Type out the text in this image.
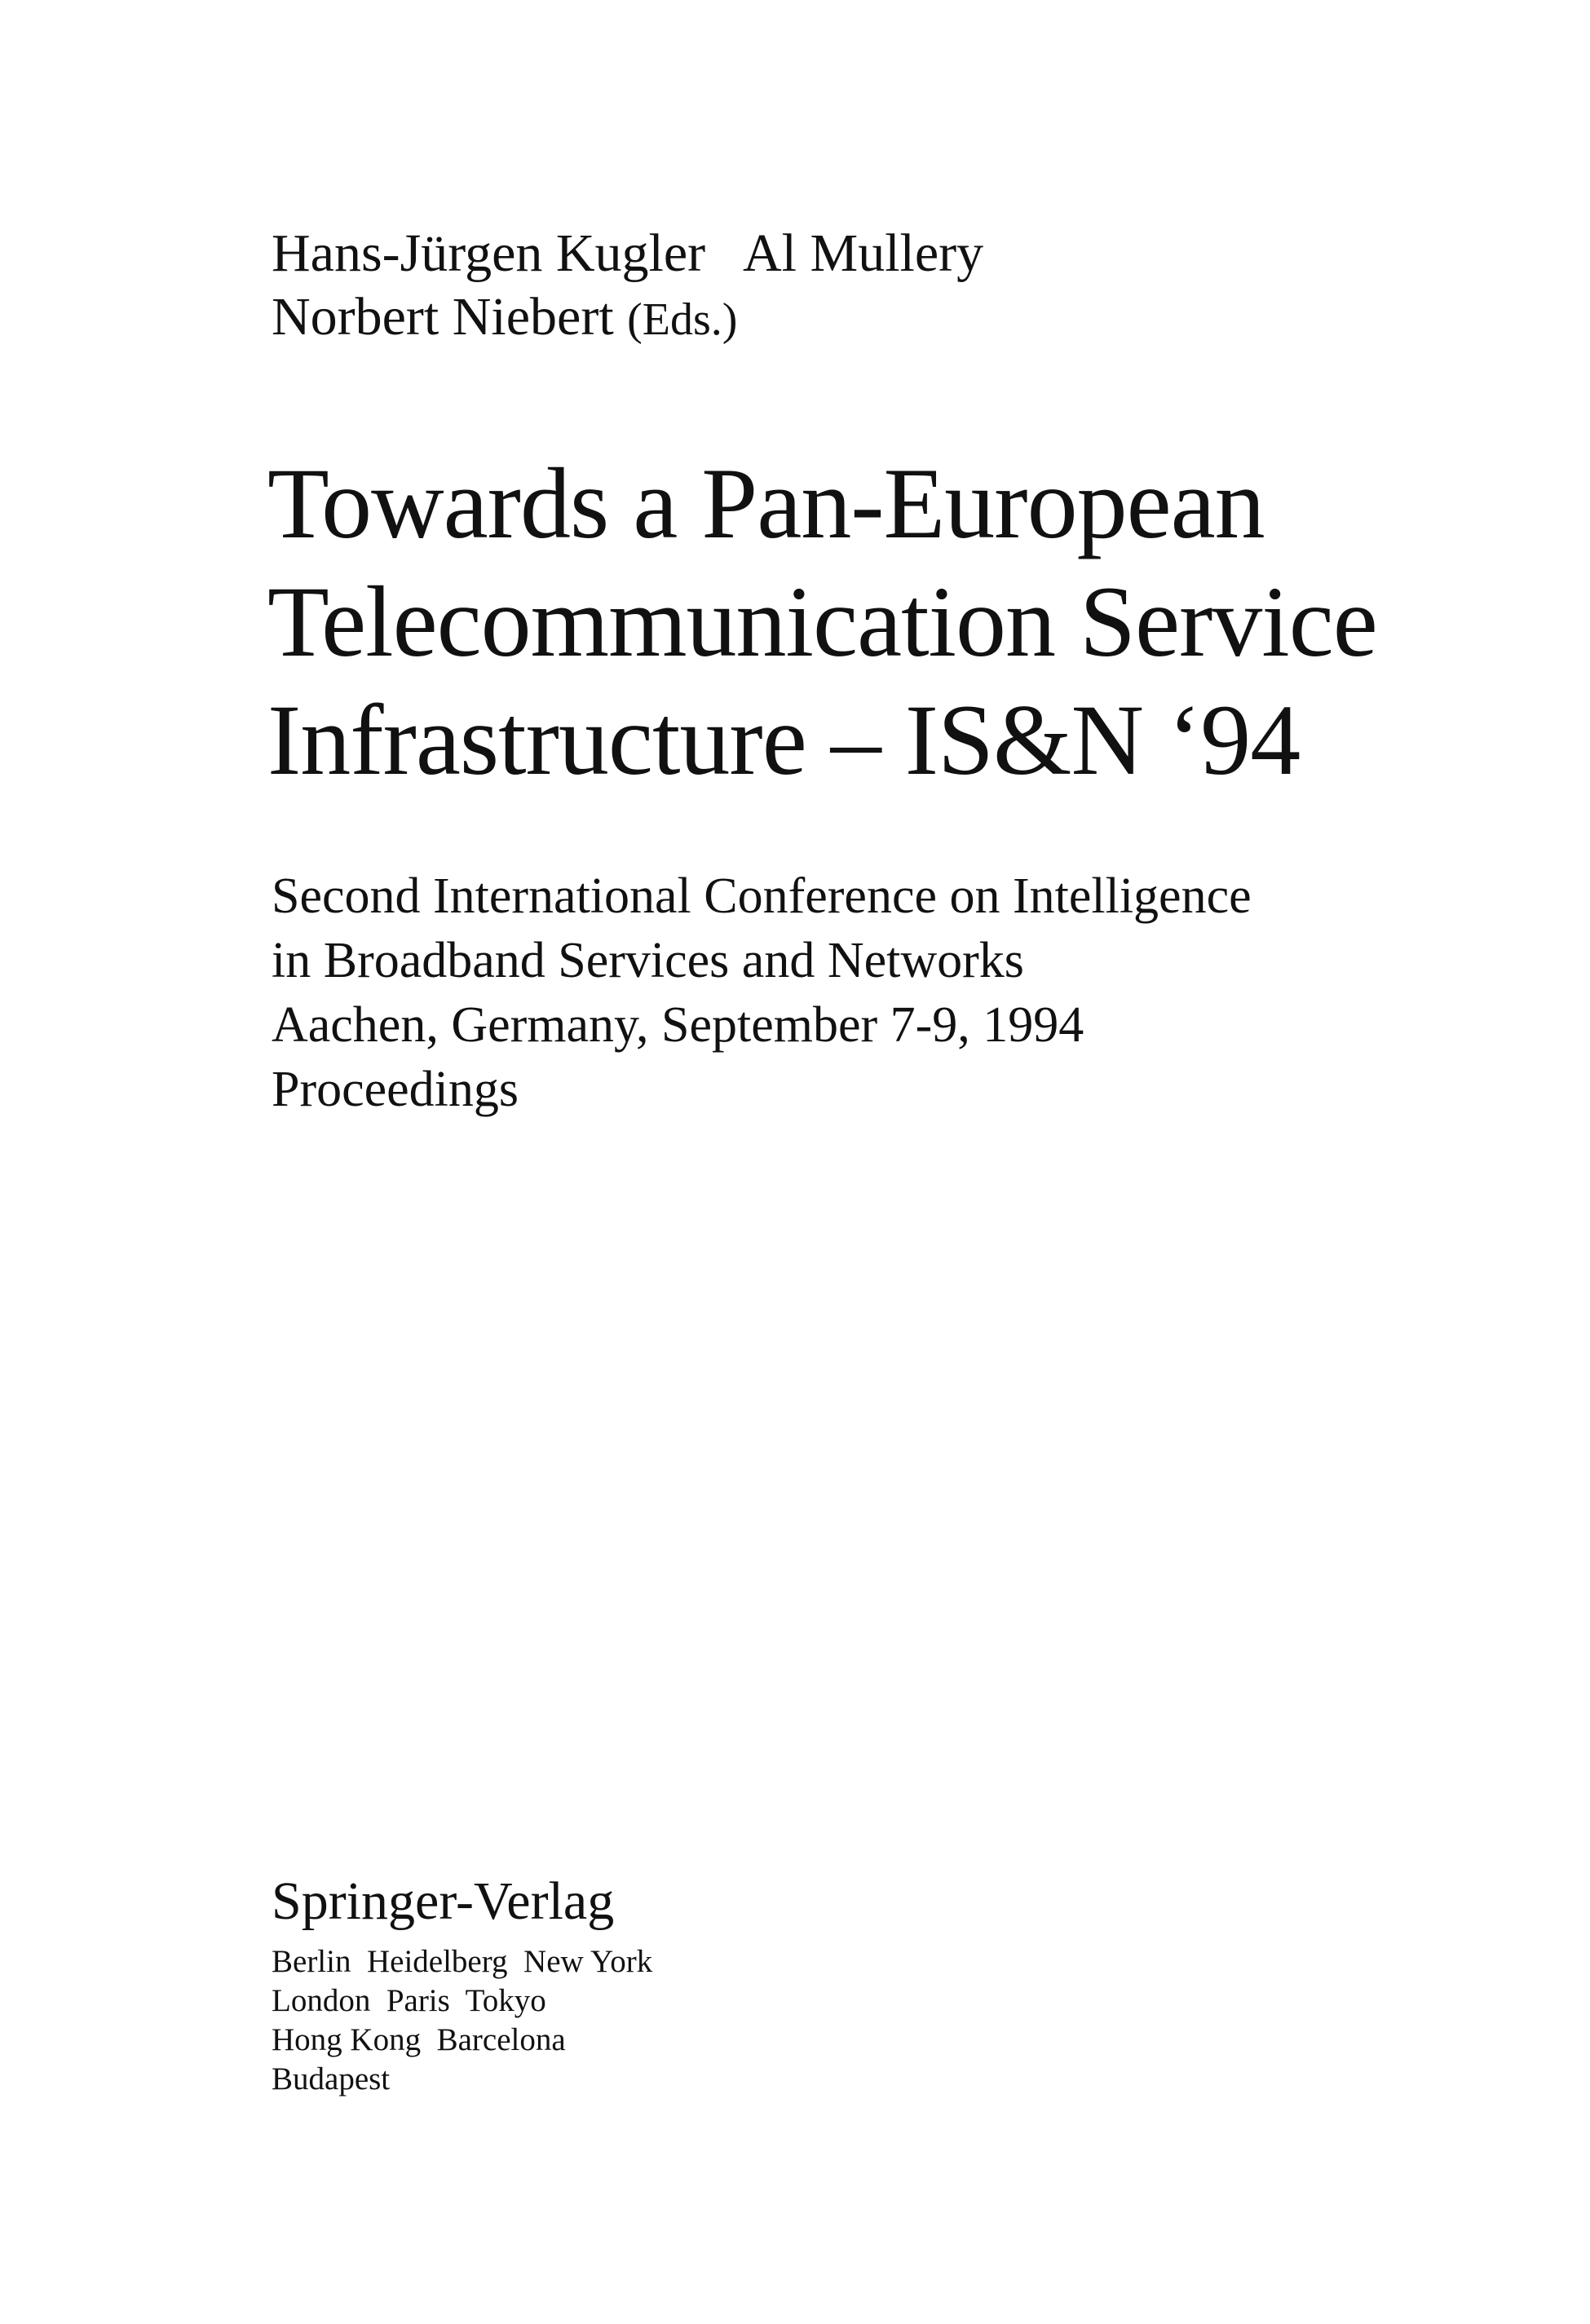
Hans-Jürgen Kugler   Al Mullery
Norbert Niebert (Eds.)
Towards a Pan-European
Telecommunication Service
Infrastructure – IS&N ‘94
Second International Conference on Intelligence
in Broadband Services and Networks
Aachen, Germany, September 7-9, 1994
Proceedings
Springer-Verlag
Berlin  Heidelberg  New York
London  Paris  Tokyo
Hong Kong  Barcelona
Budapest
